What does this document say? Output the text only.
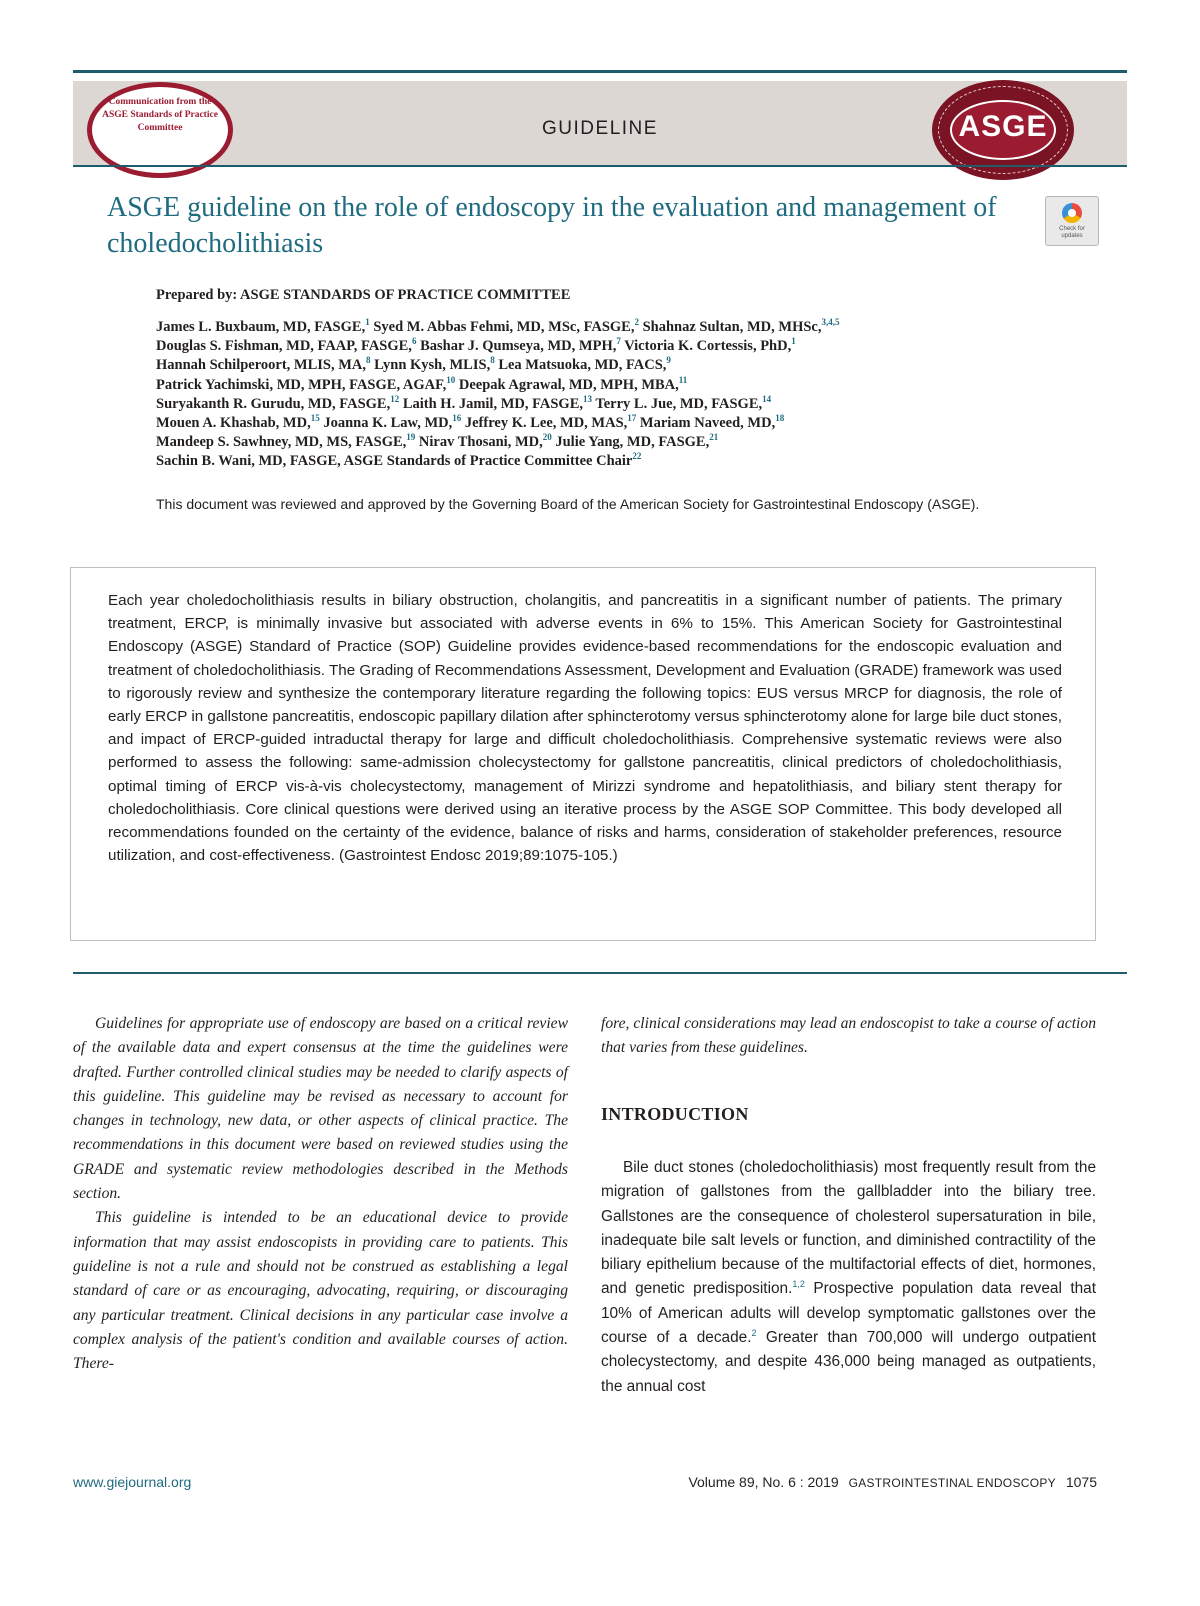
Communication from the ASGE Standards of Practice Committee	GUIDELINE	ASGE
ASGE guideline on the role of endoscopy in the evaluation and management of choledocholithiasis	Check for updates
Prepared by: ASGE STANDARDS OF PRACTICE COMMITTEE
James L. Buxbaum, MD, FASGE,$^1$ Syed M. Abbas Fehmi, MD, MSc, FASGE,$^2$ Shahnaz Sultan, MD, MHSc,$^{3,4,5}$
Douglas S. Fishman, MD, FAAP, FASGE,$^6$ Bashar J. Qumseya, MD, MPH,$^7$ Victoria K. Cortessis, PhD,$^1$
Hannah Schilperoort, MLIS, MA,$^8$ Lynn Kysh, MLIS,$^8$ Lea Matsuoka, MD, FACS,$^9$
Patrick Yachimski, MD, MPH, FASGE, AGAF,$^{10}$ Deepak Agrawal, MD, MPH, MBA,$^{11}$
Suryakanth R. Gurudu, MD, FASGE,$^{12}$ Laith H. Jamil, MD, FASGE,$^{13}$ Terry L. Jue, MD, FASGE,$^{14}$
Mouen A. Khashab, MD,$^{15}$ Joanna K. Law, MD,$^{16}$ Jeffrey K. Lee, MD, MAS,$^{17}$ Mariam Naveed, MD,$^{18}$
Mandeep S. Sawhney, MD, MS, FASGE,$^{19}$ Nirav Thosani, MD,$^{20}$ Julie Yang, MD, FASGE,$^{21}$
Sachin B. Wani, MD, FASGE, ASGE Standards of Practice Committee Chair$^{22}$
This document was reviewed and approved by the Governing Board of the American Society for Gastrointestinal Endoscopy (ASGE).
Each year choledocholithiasis results in biliary obstruction, cholangitis, and pancreatitis in a significant number of patients. The primary treatment, ERCP, is minimally invasive but associated with adverse events in 6% to 15%. This American Society for Gastrointestinal Endoscopy (ASGE) Standard of Practice (SOP) Guideline provides evidence-based recommendations for the endoscopic evaluation and treatment of choledocholithiasis. The Grading of Recommendations Assessment, Development and Evaluation (GRADE) framework was used to rigorously review and synthesize the contemporary literature regarding the following topics: EUS versus MRCP for diagnosis, the role of early ERCP in gallstone pancreatitis, endoscopic papillary dilation after sphincterotomy versus sphincterotomy alone for large bile duct stones, and impact of ERCP-guided intraductal therapy for large and difficult choledocholithiasis. Comprehensive systematic reviews were also performed to assess the following: same-admission cholecystectomy for gallstone pancreatitis, clinical predictors of choledocholithiasis, optimal timing of ERCP vis-à-vis cholecystectomy, management of Mirizzi syndrome and hepatolithiasis, and biliary stent therapy for choledocholithiasis. Core clinical questions were derived using an iterative process by the ASGE SOP Committee. This body developed all recommendations founded on the certainty of the evidence, balance of risks and harms, consideration of stakeholder preferences, resource utilization, and cost-effectiveness. (Gastrointest Endosc 2019;89:1075-105.)

Guidelines for appropriate use of endoscopy are based on a critical review of the available data and expert consensus at the time the guidelines were drafted. Further controlled clinical studies may be needed to clarify aspects of this guideline. This guideline may be revised as necessary to account for changes in technology, new data, or other aspects of clinical practice. The recommendations in this document were based on reviewed studies using the GRADE and systematic review methodologies described in the Methods section.

This guideline is intended to be an educational device to provide information that may assist endoscopists in providing care to patients. This guideline is not a rule and should not be construed as establishing a legal standard of care or as encouraging, advocating, requiring, or discouraging any particular treatment. Clinical decisions in any particular case involve a complex analysis of the patient's condition and available courses of action. There-

fore, clinical considerations may lead an endoscopist to take a course of action that varies from these guidelines.

INTRODUCTION

Bile duct stones (choledocholithiasis) most frequently result from the migration of gallstones from the gallbladder into the biliary tree. Gallstones are the consequence of cholesterol supersaturation in bile, inadequate bile salt levels or function, and diminished contractility of the biliary epithelium because of the multifactorial effects of diet, hormones, and genetic predisposition.$^{1,2}$ Prospective population data reveal that 10% of American adults will develop symptomatic gallstones over the course of a decade.$^2$ Greater than 700,000 will undergo outpatient cholecystectomy, and despite 436,000 being managed as outpatients, the annual cost

www.giejournal.org	Volume 89, No. 6 : 2019 GASTROINTESTINAL ENDOSCOPY 1075
